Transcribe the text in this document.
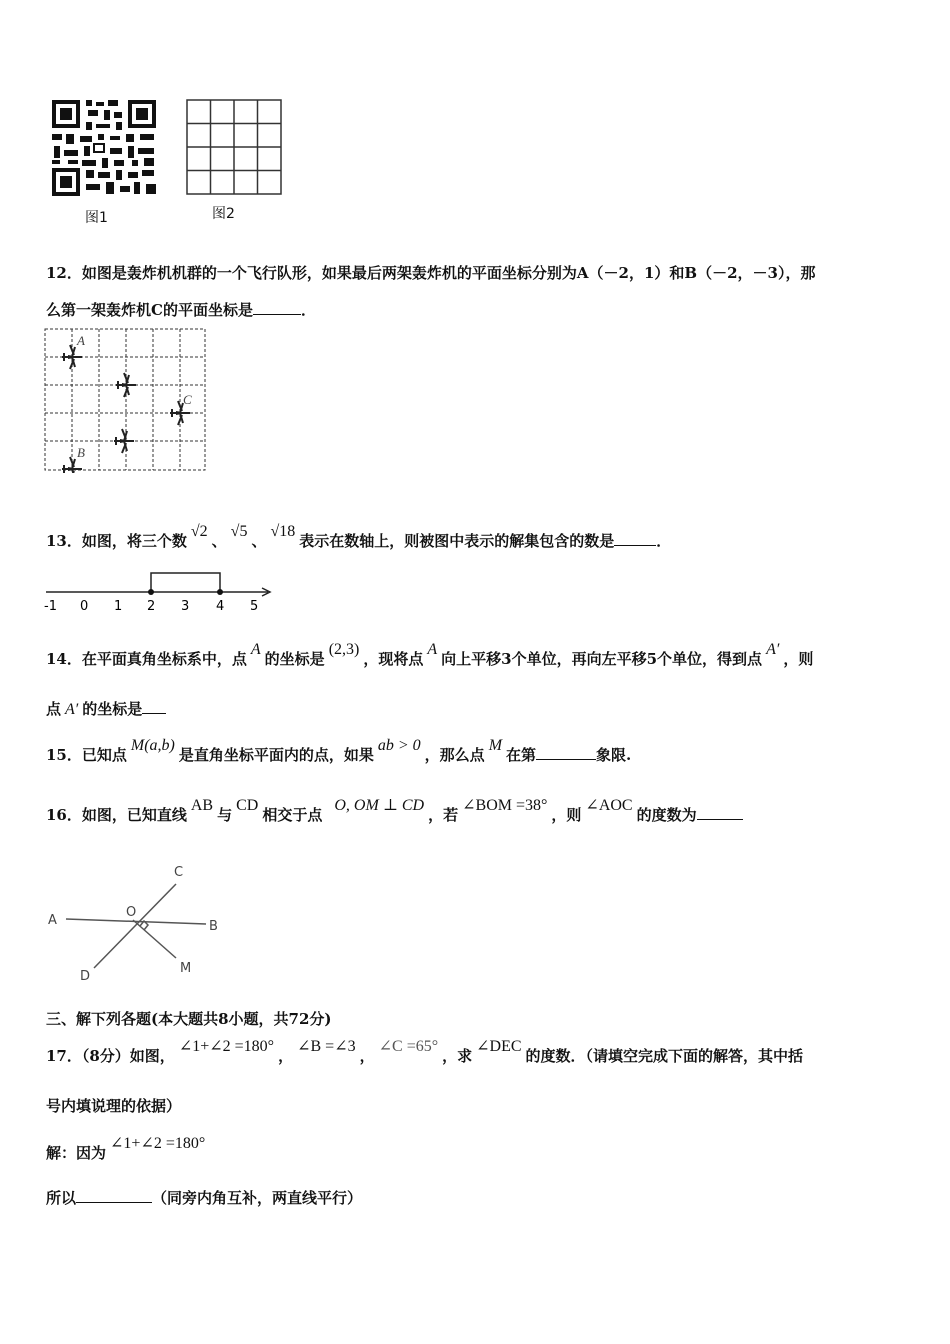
图1	图2
12．如图是轰炸机机群的一个飞行队形，如果最后两架轰炸机的平面坐标分别为A（－2，1）和B（－2，－3），那
么第一架轰炸机C的平面坐标是	．
A
B
C
13．如图，将三个数√2、√5、√18表示在数轴上，则被图中表示的解集包含的数是	．
-1 0 1 2 3 4 5
14．在平面真角坐标系中，点A的坐标是(2,3)，现将点A向上平移3个单位，再向左平移5个单位，得到点A′，则
点 A′ 的坐标是
15．已知点M(a,b)是直角坐标平面内的点，如果ab > 0，那么点M在第	象限.
16．如图，已知直线AB与CD相交于点O, OM ⊥ CD，若∠BOM =38°，则∠AOC的度数为
A	B
C
D
O
M
三、解下列各题(本大题共8小题，共72分)
17．（8分）如图，∠1+∠2 =180°，∠B =∠3，∠C =65°，求∠DEC的度数．（请填空完成下面的解答，其中括
号内填说理的依据）
解：因为∠1+∠2 =180°
所以	（同旁内角互补，两直线平行）
